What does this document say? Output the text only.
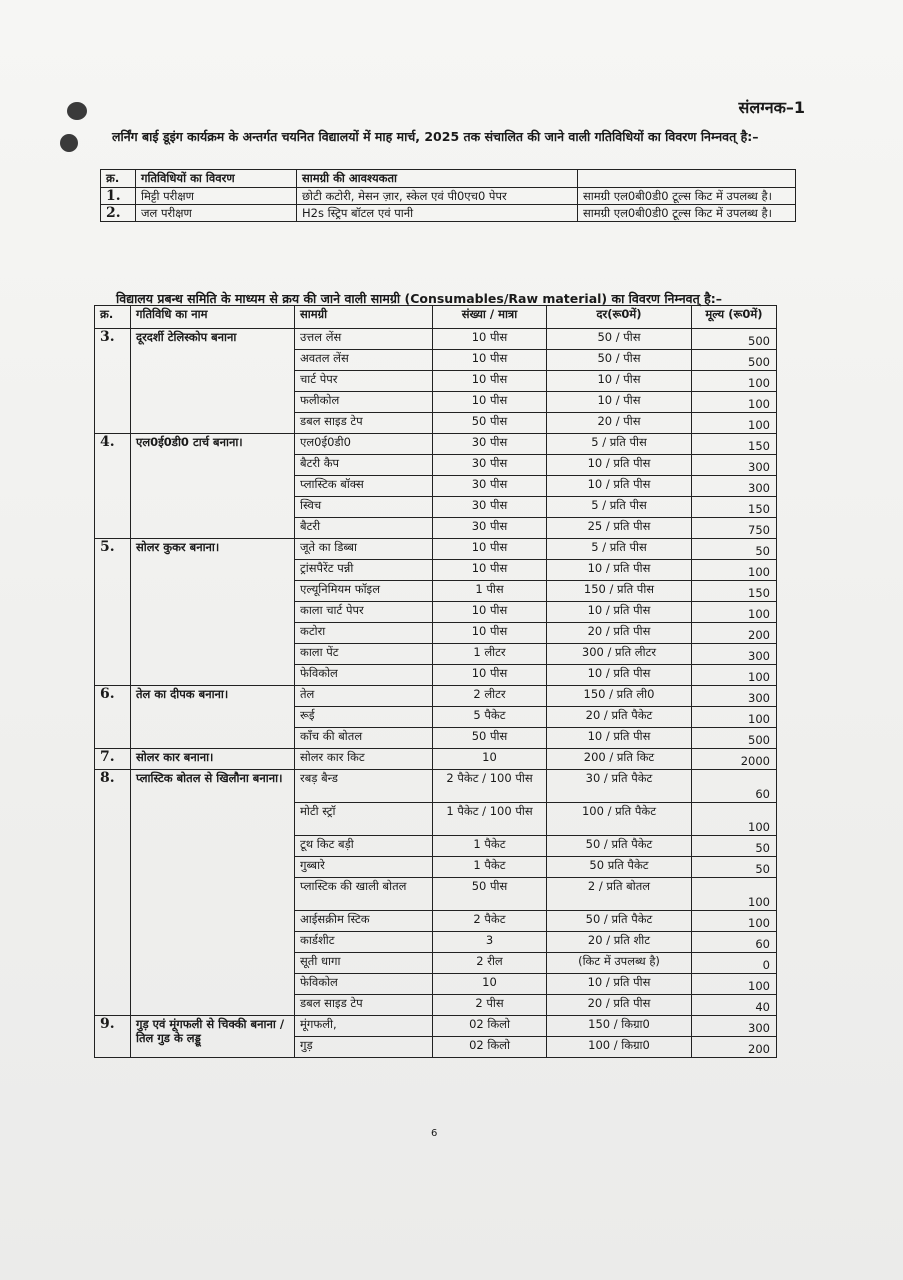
संलग्नक–1
लर्निंग बाई डूइंग कार्यक्रम के अन्तर्गत चयनित विद्यालयों में माह मार्च, 2025 तक संचालित की जाने वाली गतिविधियों का विवरण निम्नवत् है:–
क्र.	गतिविधियों का विवरण	सामग्री की आवश्यकता	
1.	मिट्टी परीक्षण	छोटी कटोरी, मेसन ज़ार, स्केल एवं पी0एच0 पेपर	सामग्री एल0बी0डी0 टूल्स किट में उपलब्ध है।
2.	जल परीक्षण	H2s स्ट्रिप बॉटल एवं पानी	सामग्री एल0बी0डी0 टूल्स किट में उपलब्ध है।
विद्यालय प्रबन्ध समिति के माध्यम से क्रय की जाने वाली सामग्री (Consumables/Raw material) का विवरण निम्नवत् है:–
क्र.	गतिविधि का नाम	सामग्री	संख्या / मात्रा	दर(रू0में)	मूल्य (रू0में)
3.	दूरदर्शी टेलिस्कोप बनाना	उत्तल लेंस	10 पीस	50 / पीस	500
		अवतल लेंस	10 पीस	50 / पीस	500
		चार्ट पेपर	10 पीस	10 / पीस	100
		फलीकोल	10 पीस	10 / पीस	100
		डबल साइड टेप	50 पीस	20 / पीस	100
4.	एल0ई0डी0 टार्च बनाना।	एल0ई0डी0	30 पीस	5 / प्रति पीस	150
		बैटरी कैप	30 पीस	10 / प्रति पीस	300
		प्लास्टिक बॉक्स	30 पीस	10 / प्रति पीस	300
		स्विच	30 पीस	5 / प्रति पीस	150
		बैटरी	30 पीस	25 / प्रति पीस	750
5.	सोलर कुकर बनाना।	जूते का डिब्बा	10 पीस	5 / प्रति पीस	50
		ट्रांसपैरेंट पन्नी	10 पीस	10 / प्रति पीस	100
		एल्यूनिमियम फॉइल	1 पीस	150 / प्रति पीस	150
		काला चार्ट पेपर	10 पीस	10 / प्रति पीस	100
		कटोरा	10 पीस	20 / प्रति पीस	200
		काला पेंट	1 लीटर	300 / प्रति लीटर	300
		फेविकोल	10 पीस	10 / प्रति पीस	100
6.	तेल का दीपक बनाना।	तेल	2 लीटर	150 / प्रति ली0	300
		रूई	5 पैकेट	20 / प्रति पैकेट	100
		कॉंच की बोतल	50 पीस	10 / प्रति पीस	500
7.	सोलर कार बनाना।	सोलर कार किट	10	200 / प्रति किट	2000
8.	प्लास्टिक बोतल से खिलौना बनाना।	रबड़ बैन्ड	2 पैकेट / 100 पीस	30 / प्रति पैकेट	60
		मोटी स्ट्रॉ	1 पैकेट / 100 पीस	100 / प्रति पैकेट	100
		टूथ किट बड़ी	1 पैकेट	50 / प्रति पैकेट	50
		गुब्बारे	1 पैकेट	50 प्रति पैकेट	50
		प्लास्टिक की खाली बोतल	50 पीस	2 / प्रति बोतल	100
		आईसक्रीम स्टिक	2 पैकेट	50 / प्रति पैकेट	100
		कार्डशीट	3	20 / प्रति शीट	60
		सूती धागा	2 रील	(किट में उपलब्ध है)	0
		फेविकोल	10	10 / प्रति पीस	100
		डबल साइड टेप	2 पीस	20 / प्रति पीस	40
9.	गुड़ एवं मूंगफली से चिक्की बनाना / तिल गुड के लड्डू	मूंगफली,	02 किलो	150 / किग्रा0	300
		गुड़	02 किलो	100 / किग्रा0	200
6
